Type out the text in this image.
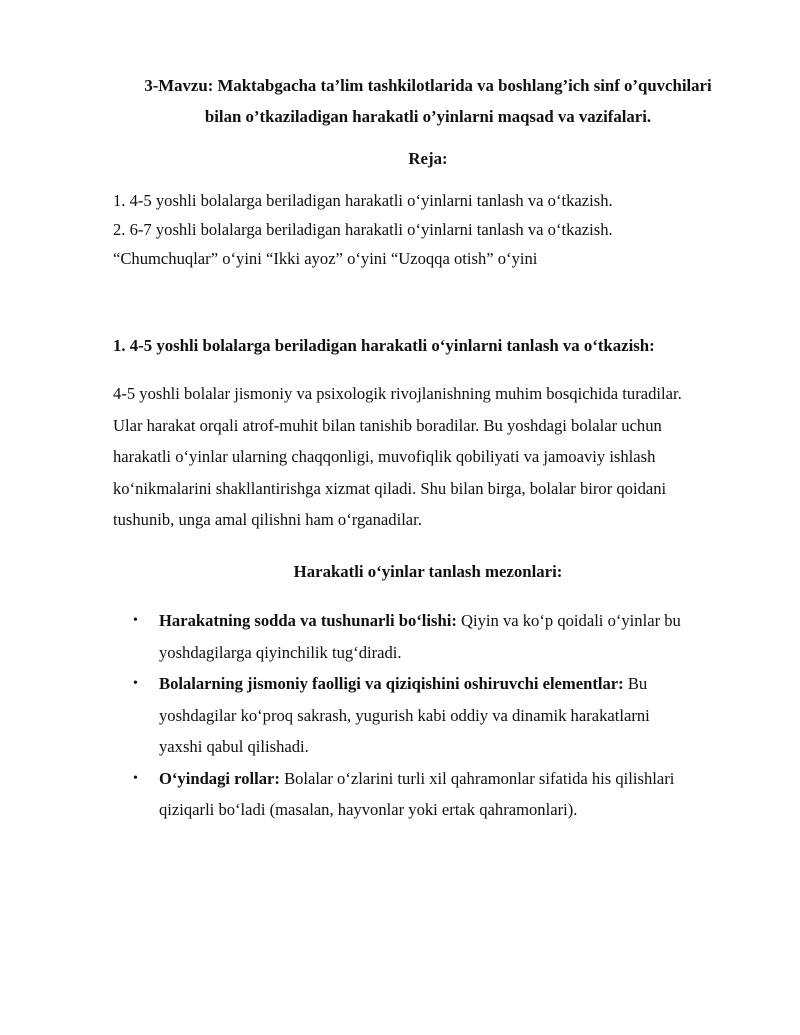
3-Mavzu: Maktabgacha ta’lim tashkilotlarida va boshlang’ich sinf o’quvchilari
bilan o’tkaziladigan harakatli o’yinlarni maqsad va vazifalari.
Reja:
1. 4-5 yoshli bolalarga beriladigan harakatli o‘yinlarni tanlash va o‘tkazish.
2. 6-7 yoshli bolalarga beriladigan harakatli o‘yinlarni tanlash va o‘tkazish.
“Chumchuqlar” o‘yini “Ikki ayoz” o‘yini “Uzoqqa otish” o‘yini
1. 4-5 yoshli bolalarga beriladigan harakatli o‘yinlarni tanlash va o‘tkazish:
4-5 yoshli bolalar jismoniy va psixologik rivojlanishning muhim bosqichida turadilar.
Ular harakat orqali atrof-muhit bilan tanishib boradilar. Bu yoshdagi bolalar uchun
harakatli o‘yinlar ularning chaqqonligi, muvofiqlik qobiliyati va jamoaviy ishlash
ko‘nikmalarini shakllantirishga xizmat qiladi. Shu bilan birga, bolalar biror qoidani
tushunib, unga amal qilishni ham o‘rganadilar.
Harakatli o‘yinlar tanlash mezonlari:
• Harakatning sodda va tushunarli bo‘lishi: Qiyin va ko‘p qoidali o‘yinlar bu
yoshdagilarga qiyinchilik tug‘diradi.
• Bolalarning jismoniy faolligi va qiziqishini oshiruvchi elementlar: Bu
yoshdagilar ko‘proq sakrash, yugurish kabi oddiy va dinamik harakatlarni
yaxshi qabul qilishadi.
• O‘yindagi rollar: Bolalar o‘zlarini turli xil qahramonlar sifatida his qilishlari
qiziqarli bo‘ladi (masalan, hayvonlar yoki ertak qahramonlari).
